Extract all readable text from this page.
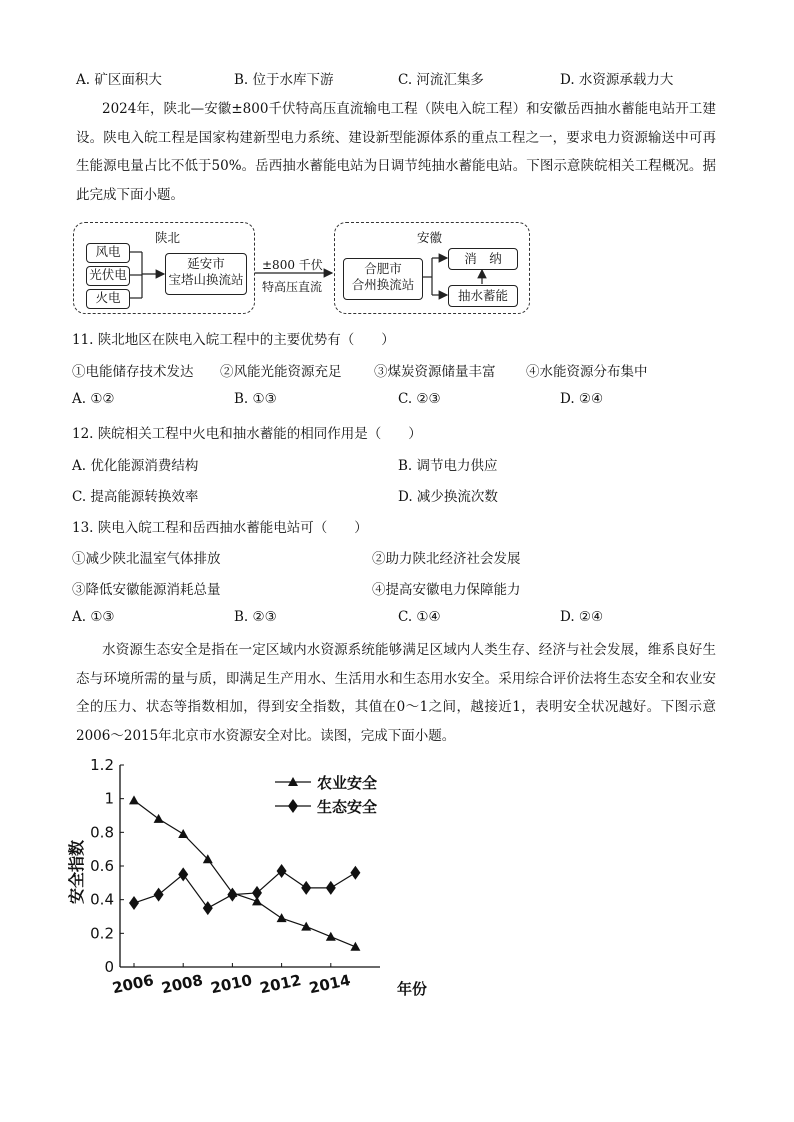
A. 矿区面积大	B. 位于水库下游	C. 河流汇集多	D. 水资源承载力大
2024年，陕北—安徽±800千伏特高压直流输电工程（陕电入皖工程）和安徽岳西抽水蓄能电站开工建设。陕电入皖工程是国家构建新型电力系统、建设新型能源体系的重点工程之一，要求电力资源输送中可再生能源电量占比不低于50%。岳西抽水蓄能电站为日调节纯抽水蓄能电站。下图示意陕皖相关工程概况。据此完成下面小题。
陕北
风电
光伏电
火电
延安市
宝塔山换流站
±800 千伏
特高压直流
安徽
合肥市
合州换流站
消　纳
抽水蓄能
11. 陕北地区在陕电入皖工程中的主要优势有（　　）
①电能储存技术发达 ②风能光能资源充足 ③煤炭资源储量丰富 ④水能资源分布集中
A. ①②	B. ①③	C. ②③	D. ②④
12. 陕皖相关工程中火电和抽水蓄能的相同作用是（　　）
A. 优化能源消费结构	B. 调节电力供应
C. 提高能源转换效率	D. 减少换流次数
13. 陕电入皖工程和岳西抽水蓄能电站可（　　）
①减少陕北温室气体排放	②助力陕北经济社会发展
③降低安徽能源消耗总量	④提高安徽电力保障能力
A. ①③	B. ②③	C. ①④	D. ②④
水资源生态安全是指在一定区域内水资源系统能够满足区域内人类生存、经济与社会发展，维系良好生态与环境所需的量与质，即满足生产用水、生活用水和生态用水安全。采用综合评价法将生态安全和农业安全的压力、状态等指数相加，得到安全指数，其值在0～1之间，越接近1，表明安全状况越好。下图示意2006～2015年北京市水资源安全对比。读图，完成下面小题。
0
0.2
0.4
0.6
0.8
1
1.2
2006 2008 2010 2012 2014	年份
安全指数
农业安全
生态安全
